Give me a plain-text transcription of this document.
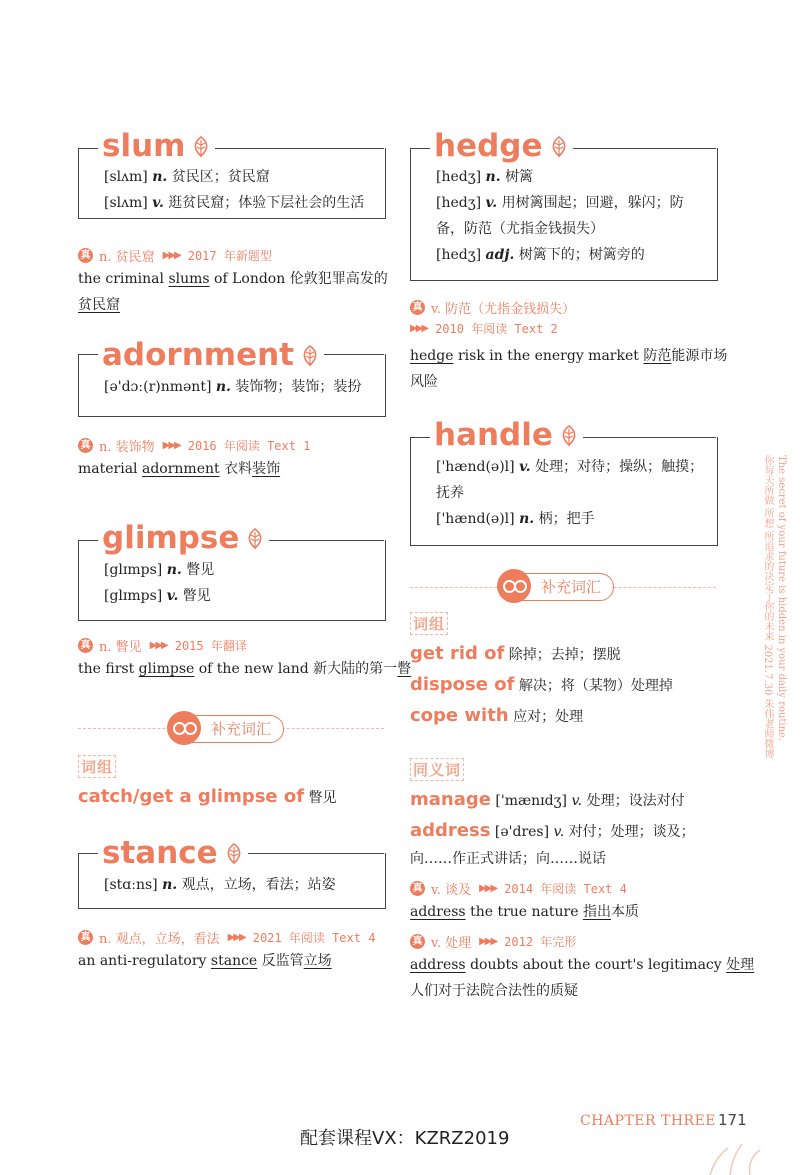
slum
[slʌm] n. 贫民区；贫民窟
[slʌm] v. 逛贫民窟；体验下层社会的生活
真 n. 贫民窟 ▶▶▶ 2017 年新题型
the criminal slums of London 伦敦犯罪高发的
贫民窟
adornment
[ə'dɔː(r)nmənt] n. 装饰物；装饰；装扮
真 n. 装饰物 ▶▶▶ 2016 年阅读 Text 1
material adornment 衣料装饰
glimpse
[glɪmps] n. 瞥见
[glɪmps] v. 瞥见
真 n. 瞥见 ▶▶▶ 2015 年翻译
the first glimpse of the new land 新大陆的第一瞥
补充词汇
词组
catch/get a glimpse of 瞥见
stance
[stɑːns] n. 观点，立场，看法；站姿
真 n. 观点，立场，看法 ▶▶▶ 2021 年阅读 Text 4
an anti-regulatory stance 反监管立场
hedge
[hedʒ] n. 树篱
[hedʒ] v. 用树篱围起；回避，躲闪；防
备，防范（尤指金钱损失）
[hedʒ] adj. 树篱下的；树篱旁的
真 v. 防范（尤指金钱损失）
▶▶▶ 2010 年阅读 Text 2
hedge risk in the energy market 防范能源市场
风险
handle
['hænd(ə)l] v. 处理；对待；操纵；触摸；
抚养
['hænd(ə)l] n. 柄；把手
补充词汇
词组
get rid of 除掉；去掉；摆脱
dispose of 解决；将（某物）处理掉
cope with 应对；处理
同义词
manage ['mænɪdʒ] v. 处理；设法对付
address [ə'dres] v. 对付；处理；谈及；
向……作正式讲话；向……说话
真 v. 谈及 ▶▶▶ 2014 年阅读 Text 4
address the true nature 指出本质
真 v. 处理 ▶▶▶ 2012 年完形
address doubts about the court's legitimacy 处理
人们对于法院合法性的质疑
你每天所做 所想 所追求的决定了你的未来 2021.7.30 朱伟老师微博 The secret of your future is hidden in your daily routine.
配套课程VX：KZRZ2019
CHAPTER THREE 171
